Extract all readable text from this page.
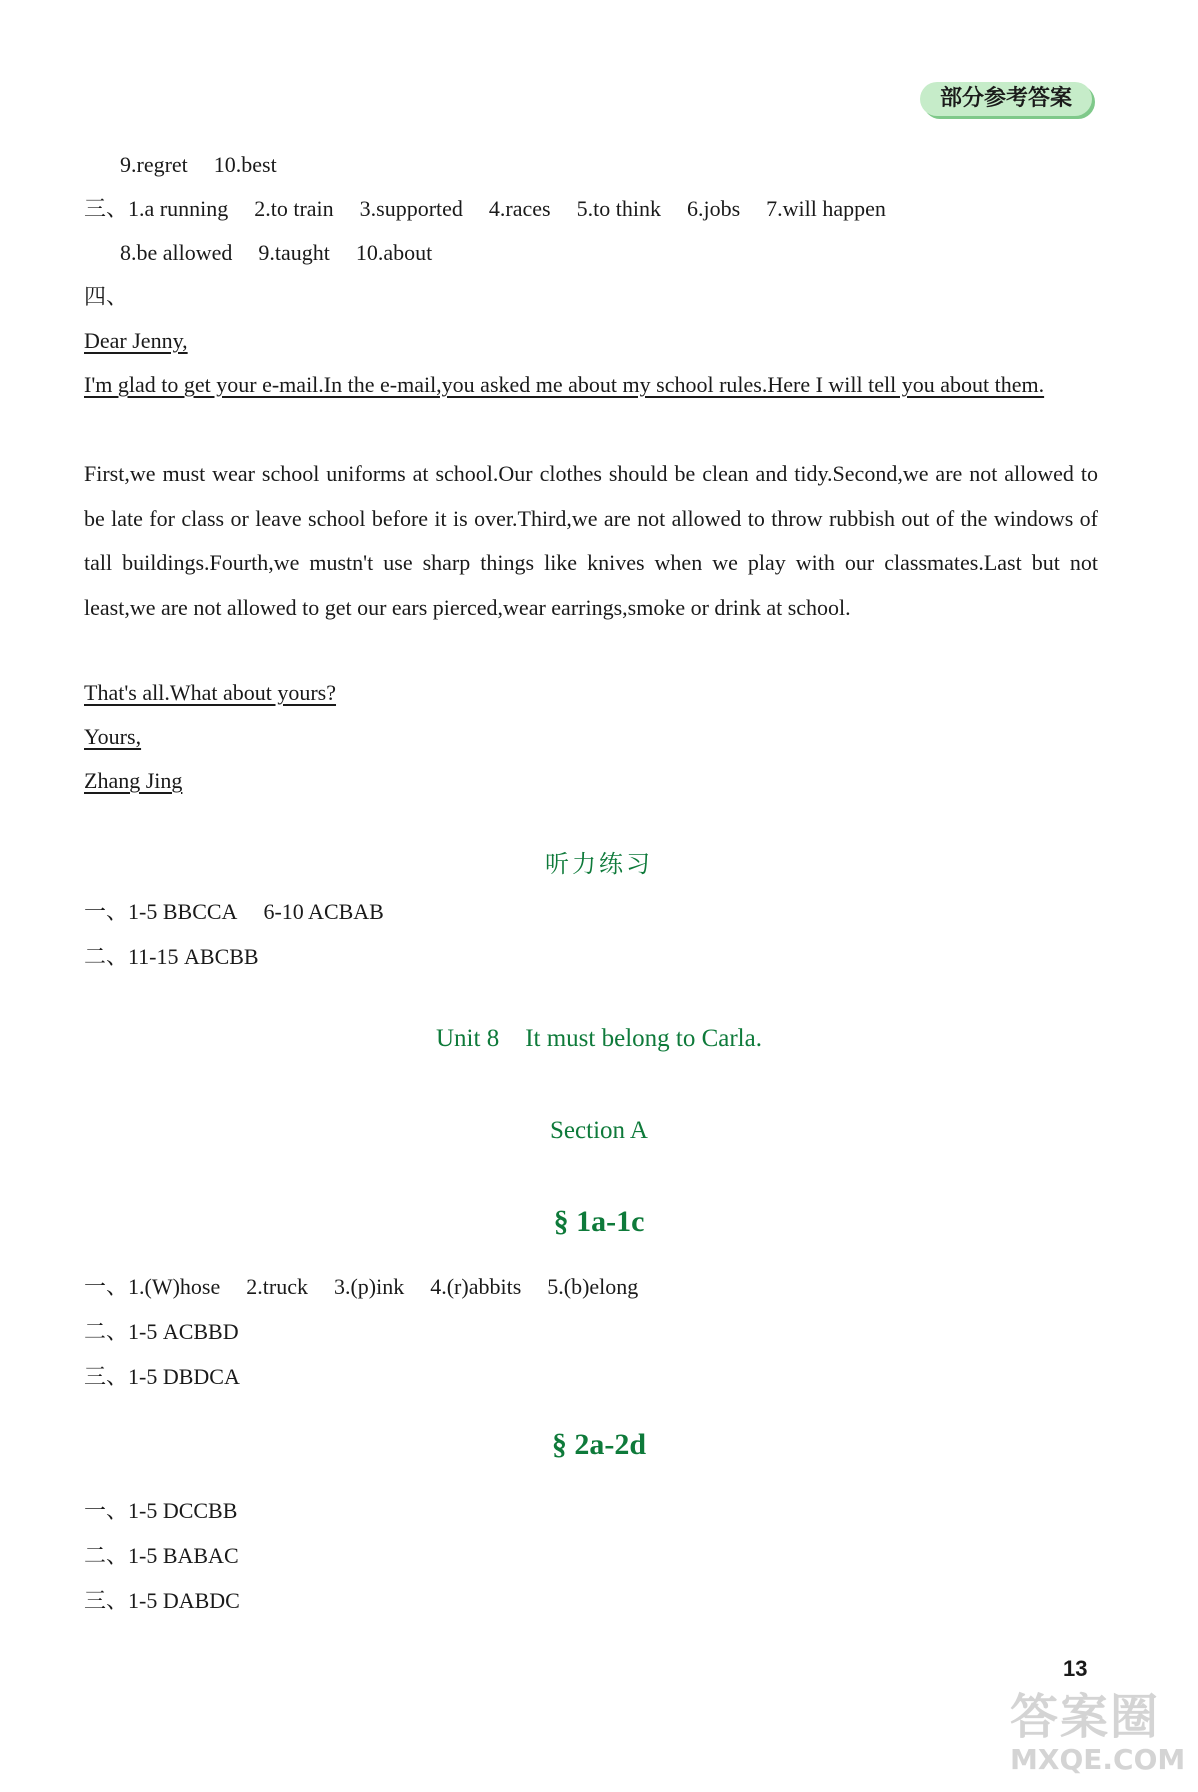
部分参考答案
9.regret 10.best
三、1.a running 2.to train 3.supported 4.races 5.to think 6.jobs 7.will happen
8.be allowed 9.taught 10.about
四、
Dear Jenny,

I'm glad to get your e-mail.In the e-mail,you asked me about my school rules.Here I will tell you about them.

First,we must wear school uniforms at school.Our clothes should be clean and tidy.Second,we are not allowed to be late for class or leave school before it is over.Third,we are not allowed to throw rubbish out of the windows of tall buildings.Fourth,we mustn't use sharp things like knives when we play with our classmates.Last but not least,we are not allowed to get our ears pierced,wear earrings,smoke or drink at school.

That's all.What about yours?
Yours,
Zhang Jing
听力练习
一、1-5 BBCCA 6-10 ACBAB
二、11-15 ABCBB
Unit 8 It must belong to Carla.
Section A
§ 1a-1c
一、1.(W)hose 2.truck 3.(p)ink 4.(r)abbits 5.(b)elong
二、1-5 ACBBD
三、1-5 DBDCA
§ 2a-2d
一、1-5 DCCBB
二、1-5 BABAC
三、1-5 DABDC
13
答案圈
MXQE.COM
